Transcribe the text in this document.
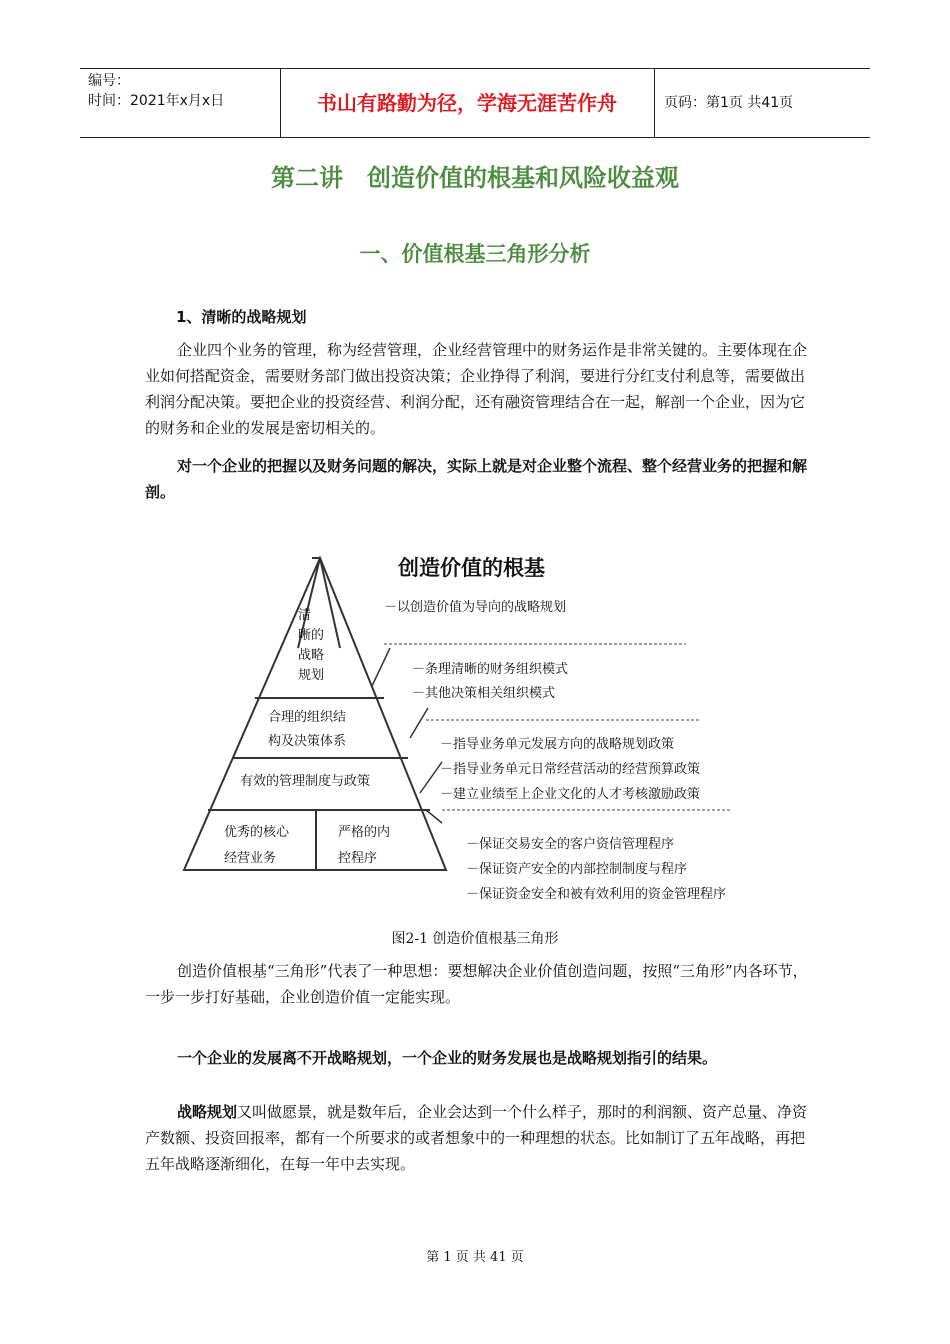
编号：
时间：2021年x月x日	书山有路勤为径，学海无涯苦作舟	页码：第1页 共41页
第二讲　创造价值的根基和风险收益观
一、价值根基三角形分析
1、清晰的战略规划

企业四个业务的管理，称为经营管理，企业经营管理中的财务运作是非常关键的。主要体现在企业如何搭配资金，需要财务部门做出投资决策；企业挣得了利润，要进行分红支付利息等，需要做出利润分配决策。要把企业的投资经营、利润分配，还有融资管理结合在一起，解剖一个企业，因为它的财务和企业的发展是密切相关的。

对一个企业的把握以及财务问题的解决，实际上就是对企业整个流程、整个经营业务的把握和解剖。

创造价值的根基
清
晰的
战略
规划
合理的组织结
构及决策体系
有效的管理制度与政策
优秀的核心
经营业务
严格的内
控程序
－以创造价值为导向的战略规划
－条理清晰的财务组织模式
－其他决策相关组织模式
－指导业务单元发展方向的战略规划政策
－指导业务单元日常经营活动的经营预算政策
－建立业绩至上企业文化的人才考核激励政策
－保证交易安全的客户资信管理程序
－保证资产安全的内部控制制度与程序
－保证资金安全和被有效利用的资金管理程序
图2-1 创造价值根基三角形

创造价值根基“三角形”代表了一种思想：要想解决企业价值创造问题，按照“三角形”内各环节，一步一步打好基础，企业创造价值一定能实现。

一个企业的发展离不开战略规划，一个企业的财务发展也是战略规划指引的结果。

战略规划又叫做愿景，就是数年后，企业会达到一个什么样子，那时的利润额、资产总量、净资产数额、投资回报率，都有一个所要求的或者想象中的一种理想的状态。比如制订了五年战略，再把五年战略逐渐细化，在每一年中去实现。

第 1 页 共 41 页
